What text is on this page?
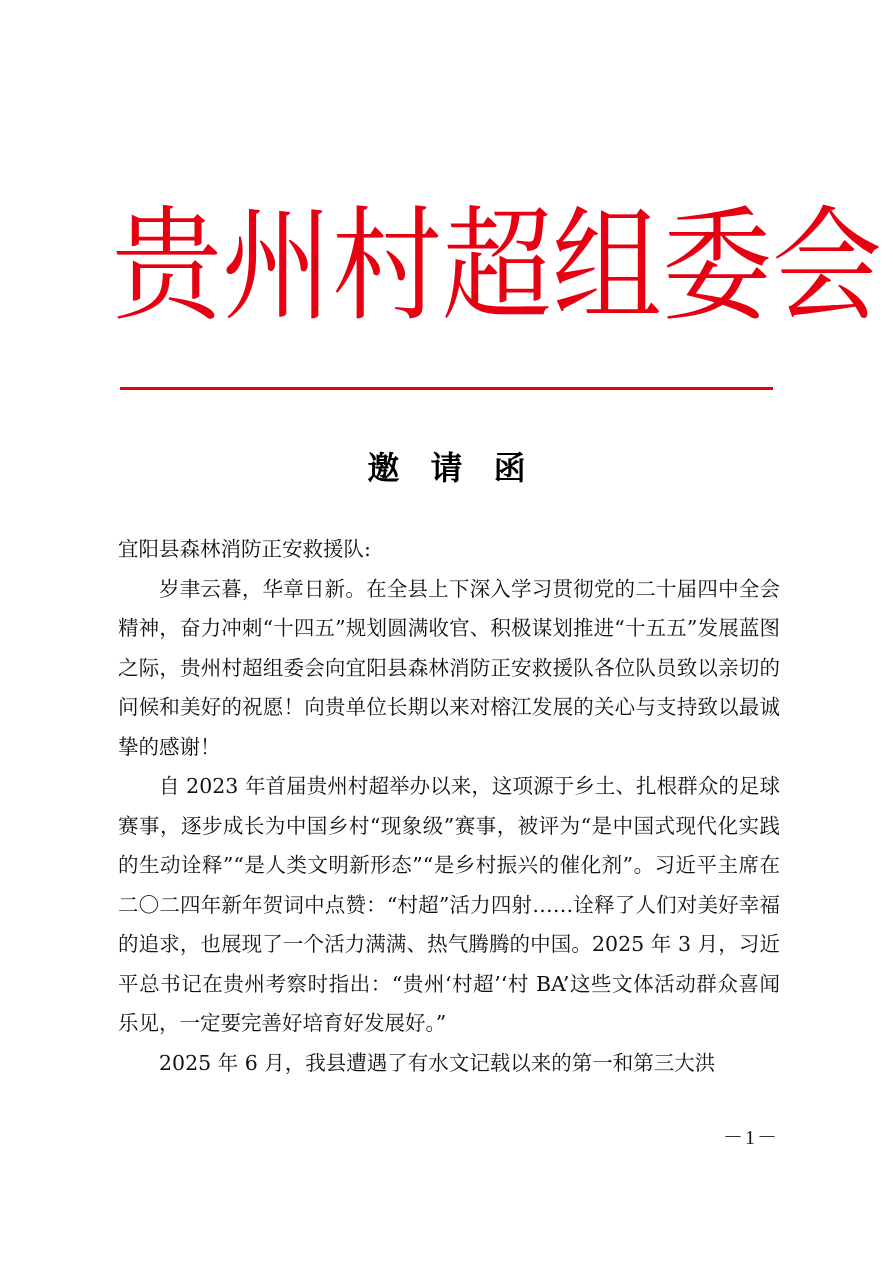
贵州村超组委会
邀 请 函

宜阳县森林消防正安救援队:

岁聿云暮，华章日新。在全县上下深入学习贯彻党的二十届四中全会精神，奋力冲刺“十四五”规划圆满收官、积极谋划推进“十五五”发展蓝图之际，贵州村超组委会向宜阳县森林消防正安救援队各位队员致以亲切的问候和美好的祝愿！向贵单位长期以来对榕江发展的关心与支持致以最诚挚的感谢！

自 2023 年首届贵州村超举办以来，这项源于乡土、扎根群众的足球赛事，逐步成长为中国乡村“现象级”赛事，被评为“是中国式现代化实践的生动诠释”“是人类文明新形态”“是乡村振兴的催化剂”。习近平主席在二〇二四年新年贺词中点赞：“村超”活力四射……诠释了人们对美好幸福的追求，也展现了一个活力满满、热气腾腾的中国。2025 年 3 月，习近平总书记在贵州考察时指出：“贵州‘村超’‘村 BA’这些文体活动群众喜闻乐见，一定要完善好培育好发展好。”

2025 年 6 月，我县遭遇了有水文记载以来的第一和第三大洪

－1－
